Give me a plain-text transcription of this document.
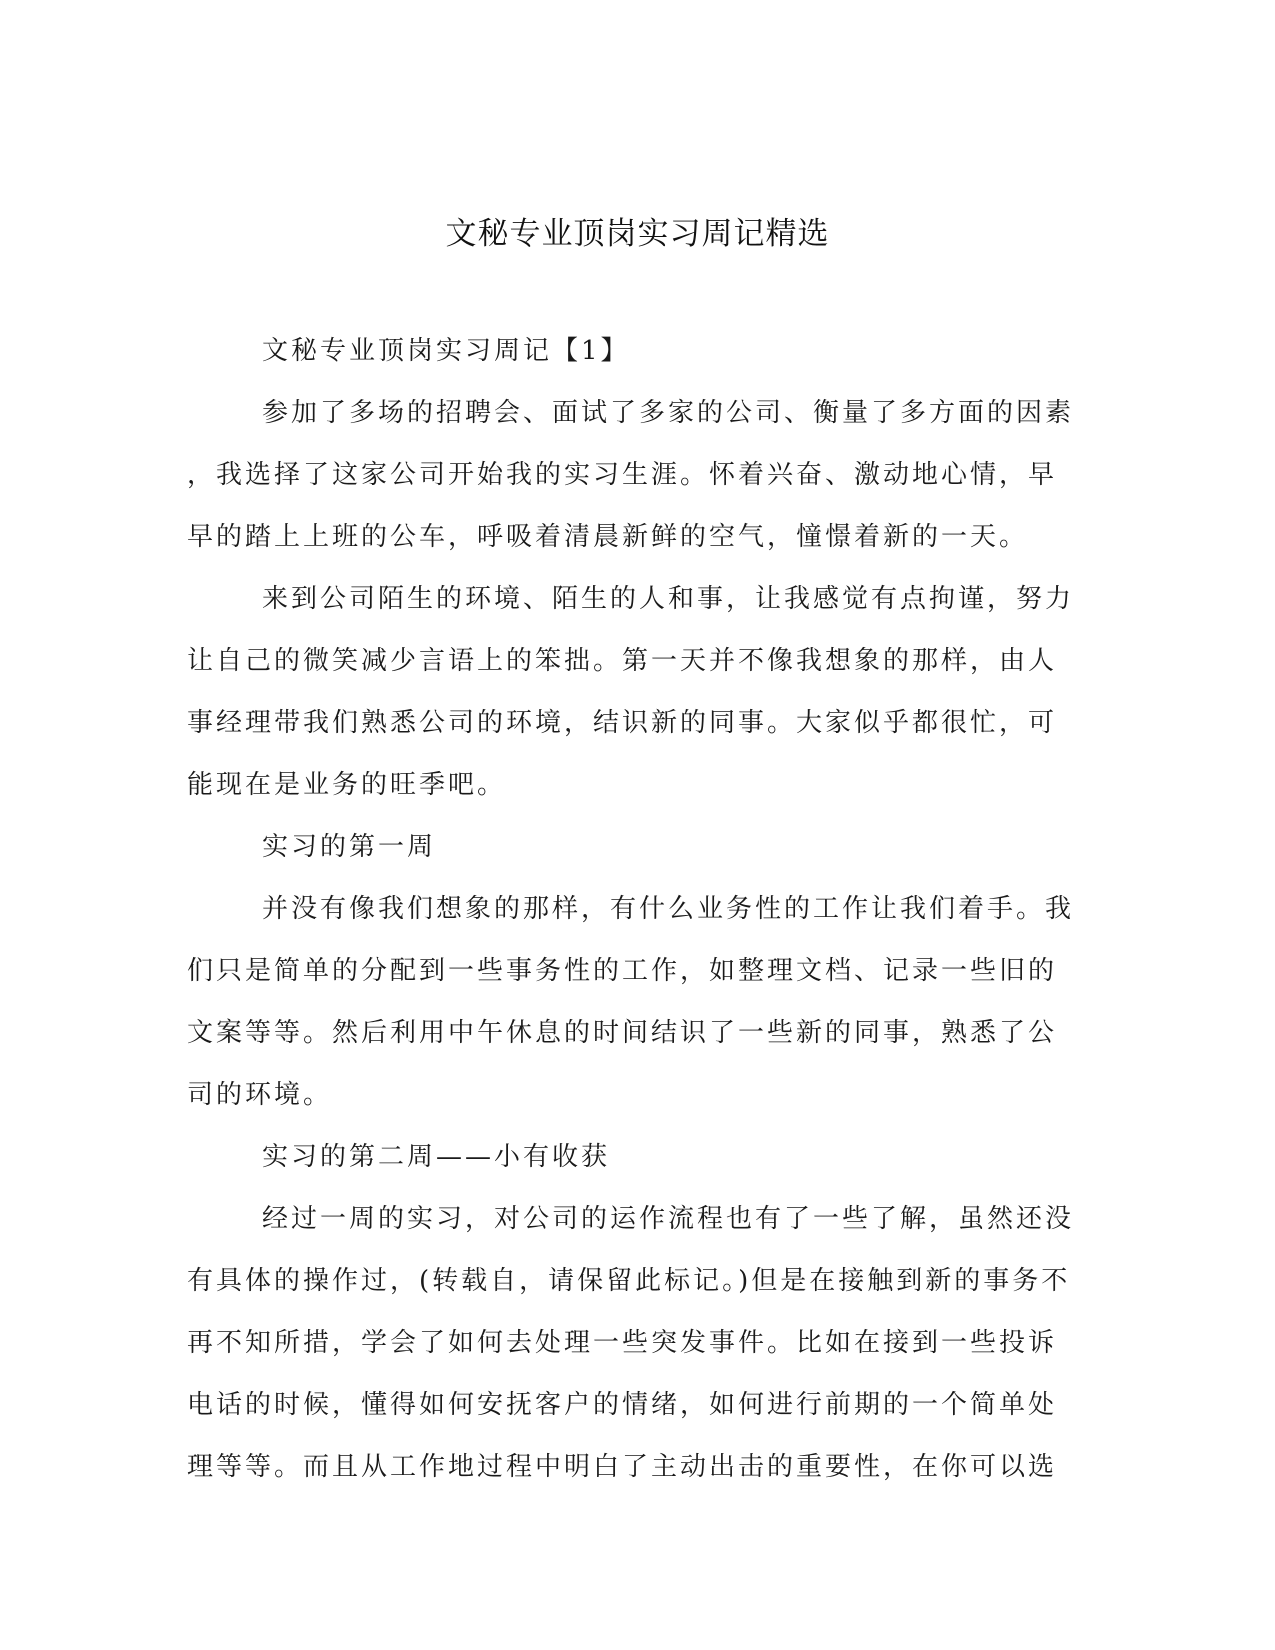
文秘专业顶岗实习周记精选

文秘专业顶岗实习周记【1】

参加了多场的招聘会、面试了多家的公司、衡量了多方面的因素

，我选择了这家公司开始我的实习生涯。怀着兴奋、激动地心情，早

早的踏上上班的公车，呼吸着清晨新鲜的空气，憧憬着新的一天。

来到公司陌生的环境、陌生的人和事，让我感觉有点拘谨，努力

让自己的微笑减少言语上的笨拙。第一天并不像我想象的那样，由人

事经理带我们熟悉公司的环境，结识新的同事。大家似乎都很忙，可

能现在是业务的旺季吧。

实习的第一周

并没有像我们想象的那样，有什么业务性的工作让我们着手。我

们只是简单的分配到一些事务性的工作，如整理文档、记录一些旧的

文案等等。然后利用中午休息的时间结识了一些新的同事，熟悉了公

司的环境。

实习的第二周——小有收获

经过一周的实习，对公司的运作流程也有了一些了解，虽然还没

有具体的操作过，(转载自，请保留此标记。)但是在接触到新的事务不

再不知所措，学会了如何去处理一些突发事件。比如在接到一些投诉

电话的时候，懂得如何安抚客户的情绪，如何进行前期的一个简单处

理等等。而且从工作地过程中明白了主动出击的重要性，在你可以选
